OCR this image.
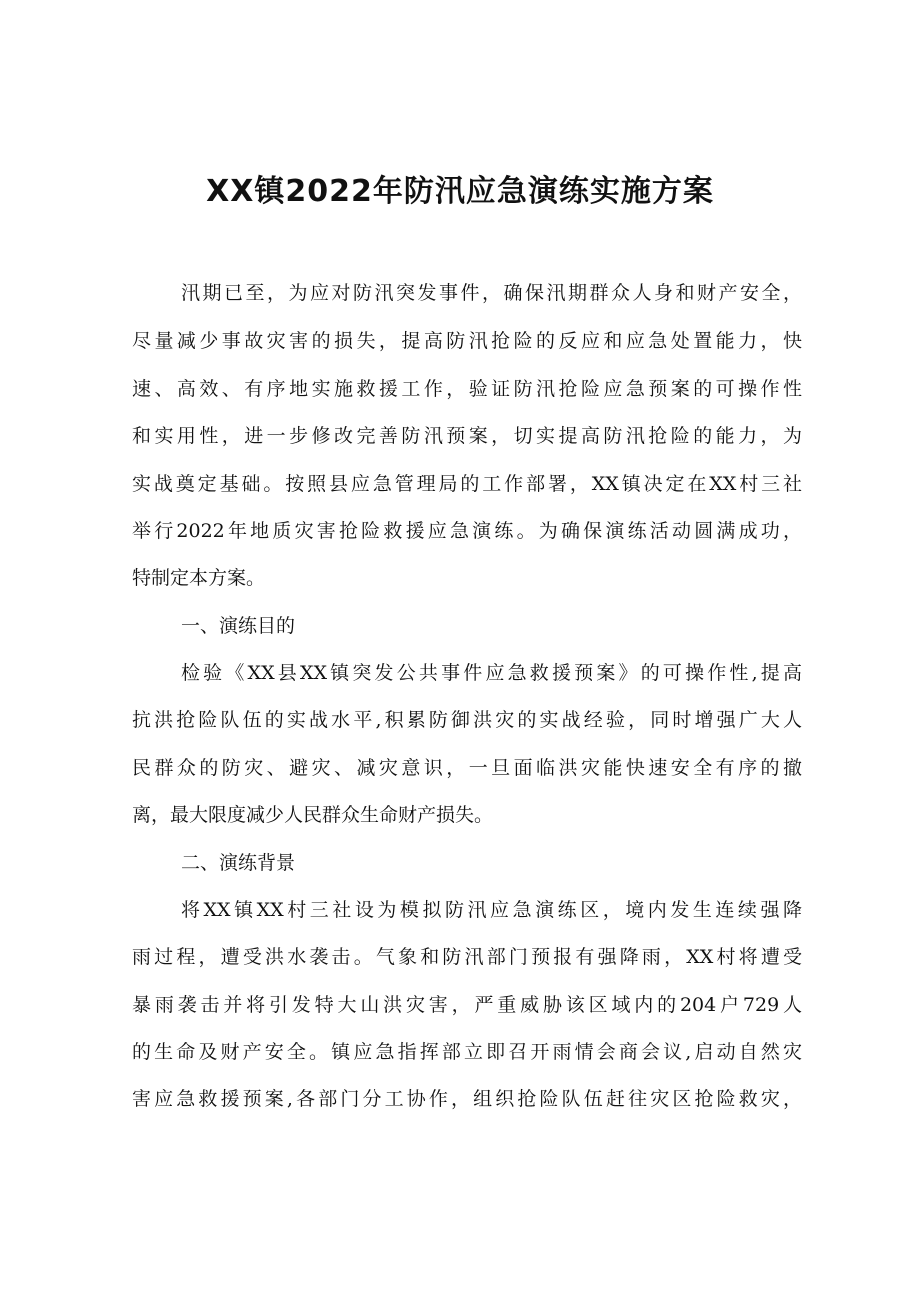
XX镇2022年防汛应急演练实施方案

汛期已至，为应对防汛突发事件，确保汛期群众人身和财产安全，

尽量减少事故灾害的损失，提高防汛抢险的反应和应急处置能力，快

速、高效、有序地实施救援工作，验证防汛抢险应急预案的可操作性

和实用性，进一步修改完善防汛预案，切实提高防汛抢险的能力，为

实战奠定基础。按照县应急管理局的工作部署，XX镇决定在XX村三社

举行2022年地质灾害抢险救援应急演练。为确保演练活动圆满成功，

特制定本方案。

一、演练目的

检验《XX县XX镇突发公共事件应急救援预案》的可操作性,提高

抗洪抢险队伍的实战水平,积累防御洪灾的实战经验，同时增强广大人

民群众的防灾、避灾、减灾意识，一旦面临洪灾能快速安全有序的撤

离，最大限度减少人民群众生命财产损失。

二、演练背景

将XX镇XX村三社设为模拟防汛应急演练区，境内发生连续强降

雨过程，遭受洪水袭击。气象和防汛部门预报有强降雨，XX村将遭受

暴雨袭击并将引发特大山洪灾害，严重威胁该区域内的204户729人

的生命及财产安全。镇应急指挥部立即召开雨情会商会议,启动自然灾

害应急救援预案,各部门分工协作，组织抢险队伍赶往灾区抢险救灾，
